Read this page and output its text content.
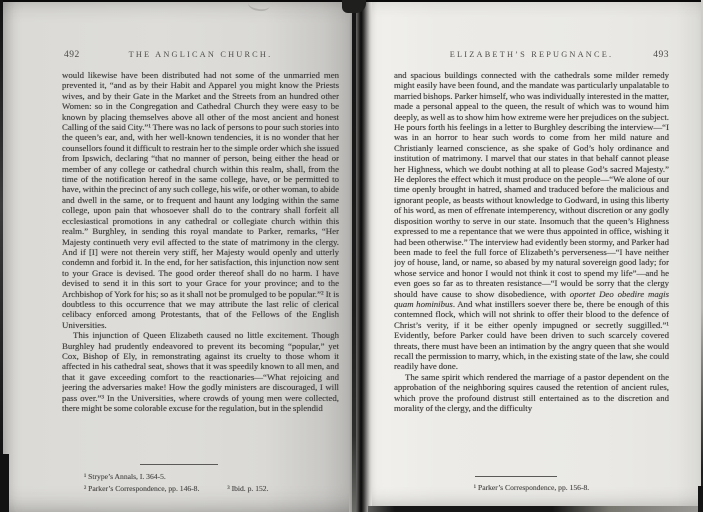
492	THE ANGLICAN CHURCH.

would likewise have been distributed had not some of the unmarried men prevented it, “and as by their Habit and Apparel you might know the Priests wives, and by their Gate in the Market and the Streets from an hundred other Women: so in the Congregation and Cathedral Church they were easy to be known by placing themselves above all other of the most ancient and honest Calling of the said City.”¹ There was no lack of persons to pour such stories into the queen’s ear, and, with her well-known tendencies, it is no wonder that her counsellors found it difficult to restrain her to the simple order which she issued from Ipswich, declaring “that no manner of person, being either the head or member of any college or cathedral church within this realm, shall, from the time of the notification hereof in the same college, have, or be permitted to have, within the precinct of any such college, his wife, or other woman, to abide and dwell in the same, or to frequent and haunt any lodging within the same college, upon pain that whosoever shall do to the contrary shall forfeit all ecclesiastical promotions in any cathedral or collegiate church within this realm.” Burghley, in sending this royal mandate to Parker, remarks, “Her Majesty continueth very evil affected to the state of matrimony in the clergy. And if [I] were not therein very stiff, her Majesty would openly and utterly condemn and forbid it. In the end, for her satisfaction, this injunction now sent to your Grace is devised. The good order thereof shall do no harm. I have devised to send it in this sort to your Grace for your province; and to the Archbishop of York for his; so as it shall not be promulged to be popular.”² It is doubtless to this occurrence that we may attribute the last relic of clerical celibacy enforced among Protestants, that of the Fellows of the English Universities.

This injunction of Queen Elizabeth caused no little excitement. Though Burghley had prudently endeavored to prevent its becoming “popular,” yet Cox, Bishop of Ely, in remonstrating against its cruelty to those whom it affected in his cathedral seat, shows that it was speedily known to all men, and that it gave exceeding comfort to the reactionaries—“What rejoicing and jeering the adversaries make! How the godly ministers are discouraged, I will pass over.”³ In the Universities, where crowds of young men were collected, there might be some colorable excuse for the regulation, but in the splendid

¹ Strype’s Annals, I. 364-5.
² Parker’s Correspondence, pp. 146-8.	³ Ibid. p. 152.
ELIZABETH’S REPUGNANCE.	493

and spacious buildings connected with the cathedrals some milder remedy might easily have been found, and the mandate was particularly unpalatable to married bishops. Parker himself, who was individually interested in the matter, made a personal appeal to the queen, the result of which was to wound him deeply, as well as to show him how extreme were her prejudices on the subject. He pours forth his feelings in a letter to Burghley describing the interview—“I was in an horror to hear such words to come from her mild nature and Christianly learned conscience, as she spake of God’s holy ordinance and institution of matrimony. I marvel that our states in that behalf cannot please her Highness, which we doubt nothing at all to please God’s sacred Majesty.” He deplores the effect which it must produce on the people—“We alone of our time openly brought in hatred, shamed and traduced before the malicious and ignorant people, as beasts without knowledge to Godward, in using this liberty of his word, as men of effrenate intemperency, without discretion or any godly disposition worthy to serve in our state. Insomuch that the queen’s Highness expressed to me a repentance that we were thus appointed in office, wishing it had been otherwise.” The interview had evidently been stormy, and Parker had been made to feel the full force of Elizabeth’s perverseness—“I have neither joy of house, land, or name, so abased by my natural sovereign good lady; for whose service and honor I would not think it cost to spend my life”—and he even goes so far as to threaten resistance—“I would be sorry that the clergy should have cause to show disobedience, with oportet Deo obedire magis quam hominibus. And what instillers soever there be, there be enough of this contemned flock, which will not shrink to offer their blood to the defence of Christ’s verity, if it be either openly impugned or secretly suggilled.”¹ Evidently, before Parker could have been driven to such scarcely covered threats, there must have been an intimation by the angry queen that she would recall the permission to marry, which, in the existing state of the law, she could readily have done.

The same spirit which rendered the marriage of a pastor dependent on the approbation of the neighboring squires caused the retention of ancient rules, which prove the profound distrust still entertained as to the discretion and morality of the clergy, and the difficulty

¹ Parker’s Correspondence, pp. 156-8.
